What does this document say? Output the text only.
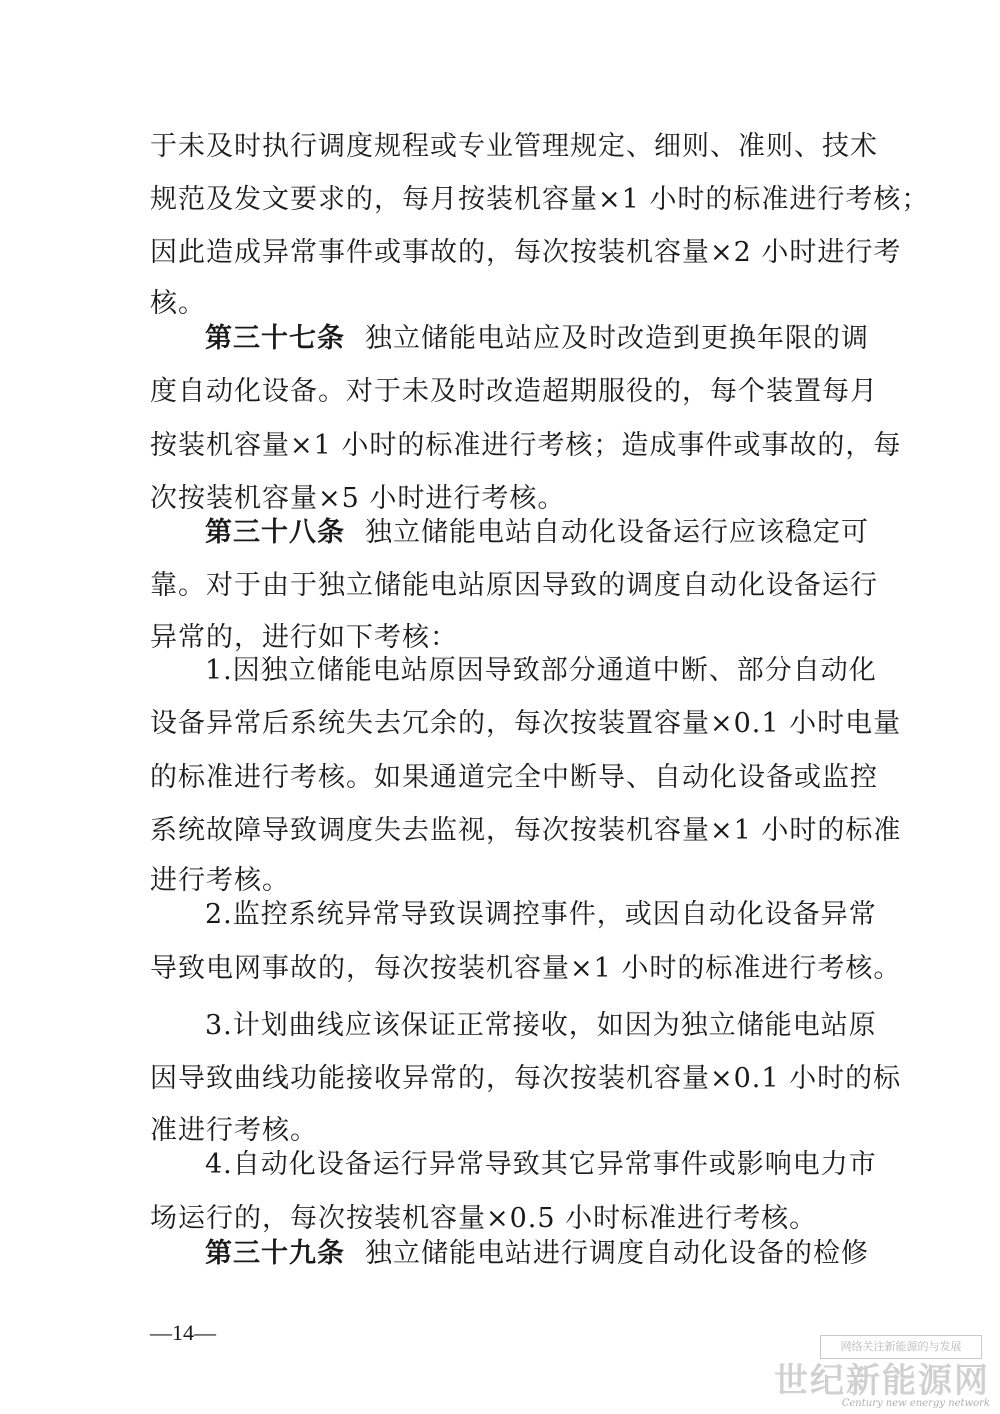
于未及时执行调度规程或专业管理规定、细则、准则、技术
规范及发文要求的，每月按装机容量×1 小时的标准进行考核；
因此造成异常事件或事故的，每次按装机容量×2 小时进行考
核。
第三十七条 独立储能电站应及时改造到更换年限的调
度自动化设备。对于未及时改造超期服役的，每个装置每月
按装机容量×1 小时的标准进行考核；造成事件或事故的，每
次按装机容量×5 小时进行考核。
第三十八条 独立储能电站自动化设备运行应该稳定可
靠。对于由于独立储能电站原因导致的调度自动化设备运行
异常的，进行如下考核：
1.因独立储能电站原因导致部分通道中断、部分自动化
设备异常后系统失去冗余的，每次按装置容量×0.1 小时电量
的标准进行考核。如果通道完全中断导、自动化设备或监控
系统故障导致调度失去监视，每次按装机容量×1 小时的标准
进行考核。
2.监控系统异常导致误调控事件，或因自动化设备异常
导致电网事故的，每次按装机容量×1 小时的标准进行考核。
3.计划曲线应该保证正常接收，如因为独立储能电站原
因导致曲线功能接收异常的，每次按装机容量×0.1 小时的标
准进行考核。
4.自动化设备运行异常导致其它异常事件或影响电力市
场运行的，每次按装机容量×0.5 小时标准进行考核。
第三十九条 独立储能电站进行调度自动化设备的检修
—14—
网络关注新能源的与发展
世纪新能源网
Century new energy network
